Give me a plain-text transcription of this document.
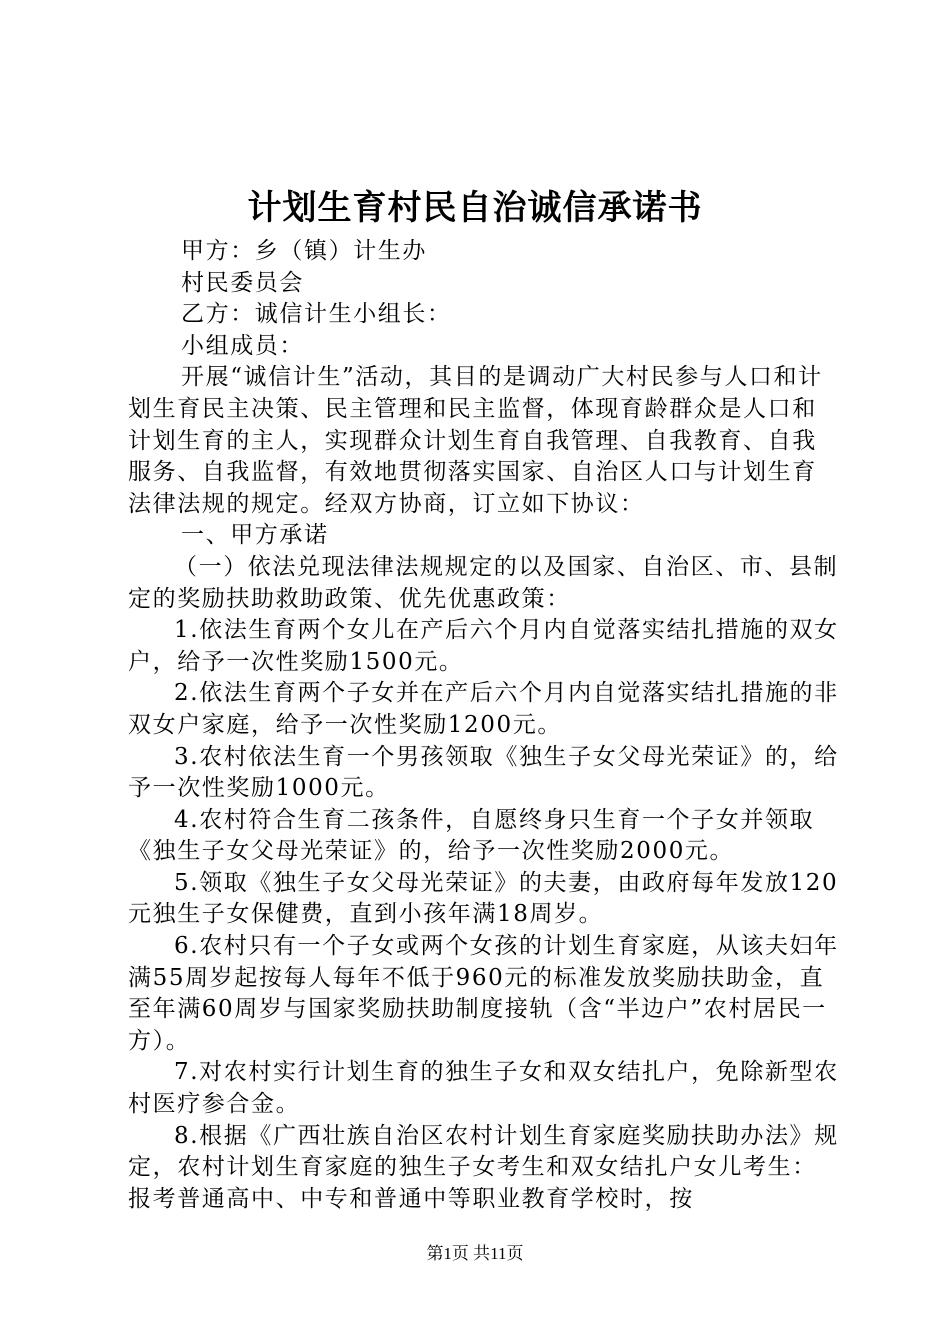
计划生育村民自治诚信承诺书

甲方：乡（镇）计生办

村民委员会

乙方：诚信计生小组长：

小组成员：

开展“诚信计生”活动，其目的是调动广大村民参与人口和计划生育民主决策、民主管理和民主监督，体现育龄群众是人口和计划生育的主人，实现群众计划生育自我管理、自我教育、自我服务、自我监督，有效地贯彻落实国家、自治区人口与计划生育法律法规的规定。经双方协商，订立如下协议：

一、甲方承诺

（一）依法兑现法律法规规定的以及国家、自治区、市、县制定的奖励扶助救助政策、优先优惠政策：

1.依法生育两个女儿在产后六个月内自觉落实结扎措施的双女户，给予一次性奖励1500元。

2.依法生育两个子女并在产后六个月内自觉落实结扎措施的非双女户家庭，给予一次性奖励1200元。

3.农村依法生育一个男孩领取《独生子女父母光荣证》的，给予一次性奖励1000元。

4.农村符合生育二孩条件，自愿终身只生育一个子女并领取《独生子女父母光荣证》的，给予一次性奖励2000元。

5.领取《独生子女父母光荣证》的夫妻，由政府每年发放120元独生子女保健费，直到小孩年满18周岁。

6.农村只有一个子女或两个女孩的计划生育家庭，从该夫妇年满55周岁起按每人每年不低于960元的标准发放奖励扶助金，直至年满60周岁与国家奖励扶助制度接轨（含“半边户”农村居民一方）。

7.对农村实行计划生育的独生子女和双女结扎户，免除新型农村医疗参合金。

8.根据《广西壮族自治区农村计划生育家庭奖励扶助办法》规定，农村计划生育家庭的独生子女考生和双女结扎户女儿考生：报考普通高中、中专和普通中等职业教育学校时，按

第1页 共11页
